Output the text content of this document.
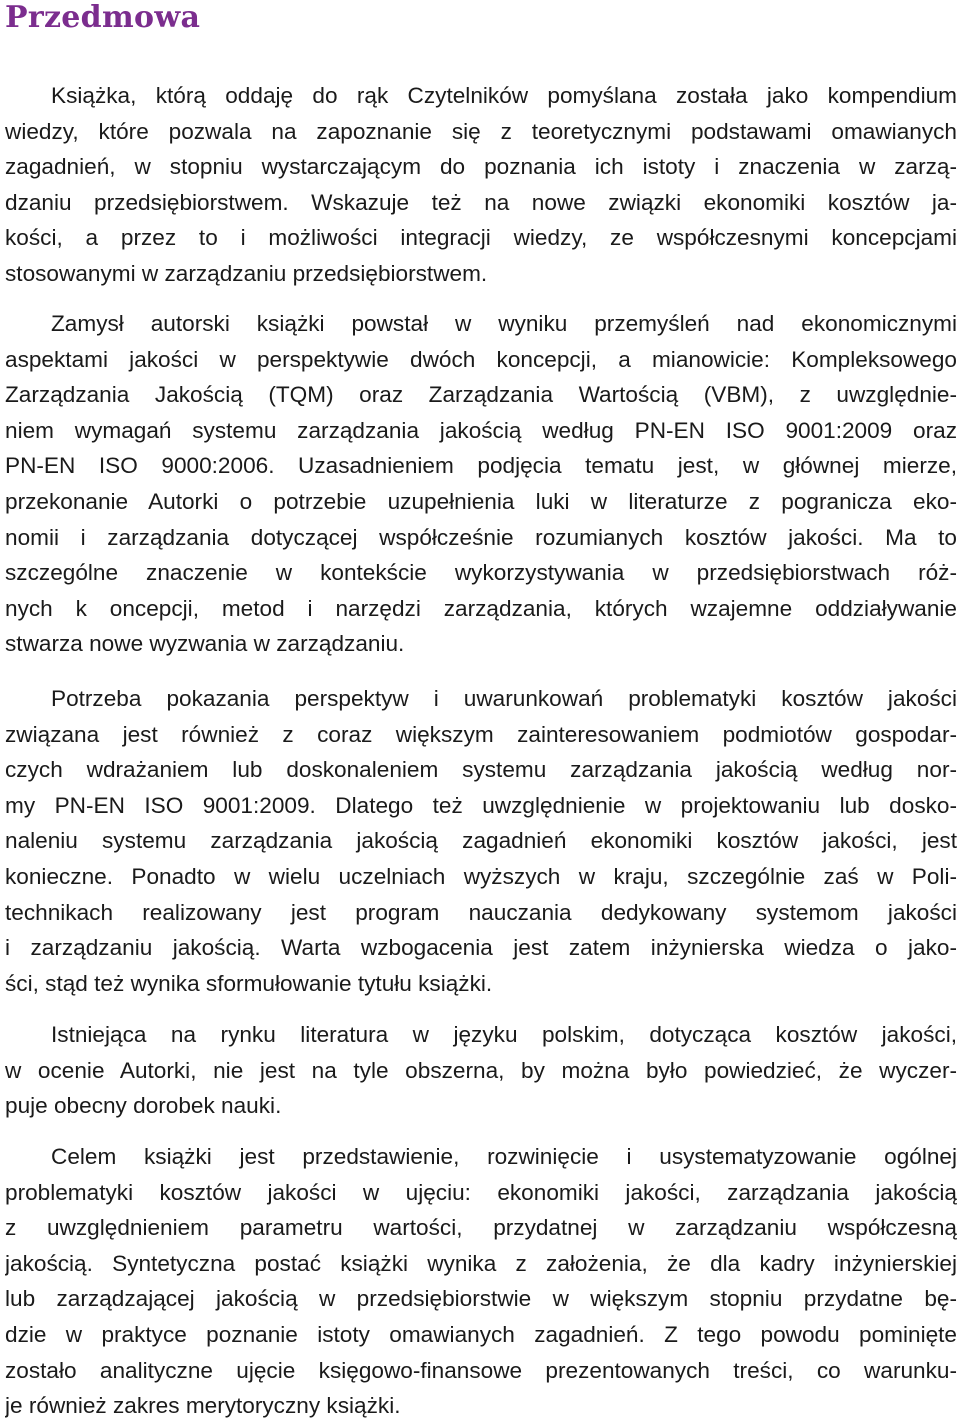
Przedmowa
Książka, którą oddaję do rąk Czytelników pomyślana została jako kompendium
wiedzy, które pozwala na zapoznanie się z teoretycznymi podstawami omawianych
zagadnień, w stopniu wystarczającym do poznania ich istoty i znaczenia w zarzą-
dzaniu przedsiębiorstwem. Wskazuje też na nowe związki ekonomiki kosztów ja-
kości, a przez to i możliwości integracji wiedzy, ze współczesnymi koncepcjami
stosowanymi w zarządzaniu przedsiębiorstwem.
Zamysł autorski książki powstał w wyniku przemyśleń nad ekonomicznymi
aspektami jakości w perspektywie dwóch koncepcji, a mianowicie: Kompleksowego
Zarządzania Jakością (TQM) oraz Zarządzania Wartością (VBM), z uwzględnie-
niem wymagań systemu zarządzania jakością według PN-EN ISO 9001:2009 oraz
PN-EN ISO 9000:2006. Uzasadnieniem podjęcia tematu jest, w głównej mierze,
przekonanie Autorki o potrzebie uzupełnienia luki w literaturze z pogranicza eko-
nomii i zarządzania dotyczącej współcześnie rozumianych kosztów jakości. Ma to
szczególne znaczenie w kontekście wykorzystywania w przedsiębiorstwach róż-
nych k oncepcji, metod i narzędzi zarządzania, których wzajemne oddziaływanie
stwarza nowe wyzwania w zarządzaniu.
Potrzeba pokazania perspektyw i uwarunkowań problematyki kosztów jakości
związana jest również z coraz większym zainteresowaniem podmiotów gospodar-
czych wdrażaniem lub doskonaleniem systemu zarządzania jakością według nor-
my PN-EN ISO 9001:2009. Dlatego też uwzględnienie w projektowaniu lub dosko-
naleniu systemu zarządzania jakością zagadnień ekonomiki kosztów jakości, jest
konieczne. Ponadto w wielu uczelniach wyższych w kraju, szczególnie zaś w Poli-
technikach realizowany jest program nauczania dedykowany systemom jakości
i zarządzaniu jakością. Warta wzbogacenia jest zatem inżynierska wiedza o jako-
ści, stąd też wynika sformułowanie tytułu książki.
Istniejąca na rynku literatura w języku polskim, dotycząca kosztów jakości,
w ocenie Autorki, nie jest na tyle obszerna, by można było powiedzieć, że wyczer-
puje obecny dorobek nauki.
Celem książki jest przedstawienie, rozwinięcie i usystematyzowanie ogólnej
problematyki kosztów jakości w ujęciu: ekonomiki jakości, zarządzania jakością
z uwzględnieniem parametru wartości, przydatnej w zarządzaniu współczesną
jakością. Syntetyczna postać książki wynika z założenia, że dla kadry inżynierskiej
lub zarządzającej jakością w przedsiębiorstwie w większym stopniu przydatne bę-
dzie w praktyce poznanie istoty omawianych zagadnień. Z tego powodu pominięte
zostało analityczne ujęcie księgowo-finansowe prezentowanych treści, co warunku-
je również zakres merytoryczny książki.
